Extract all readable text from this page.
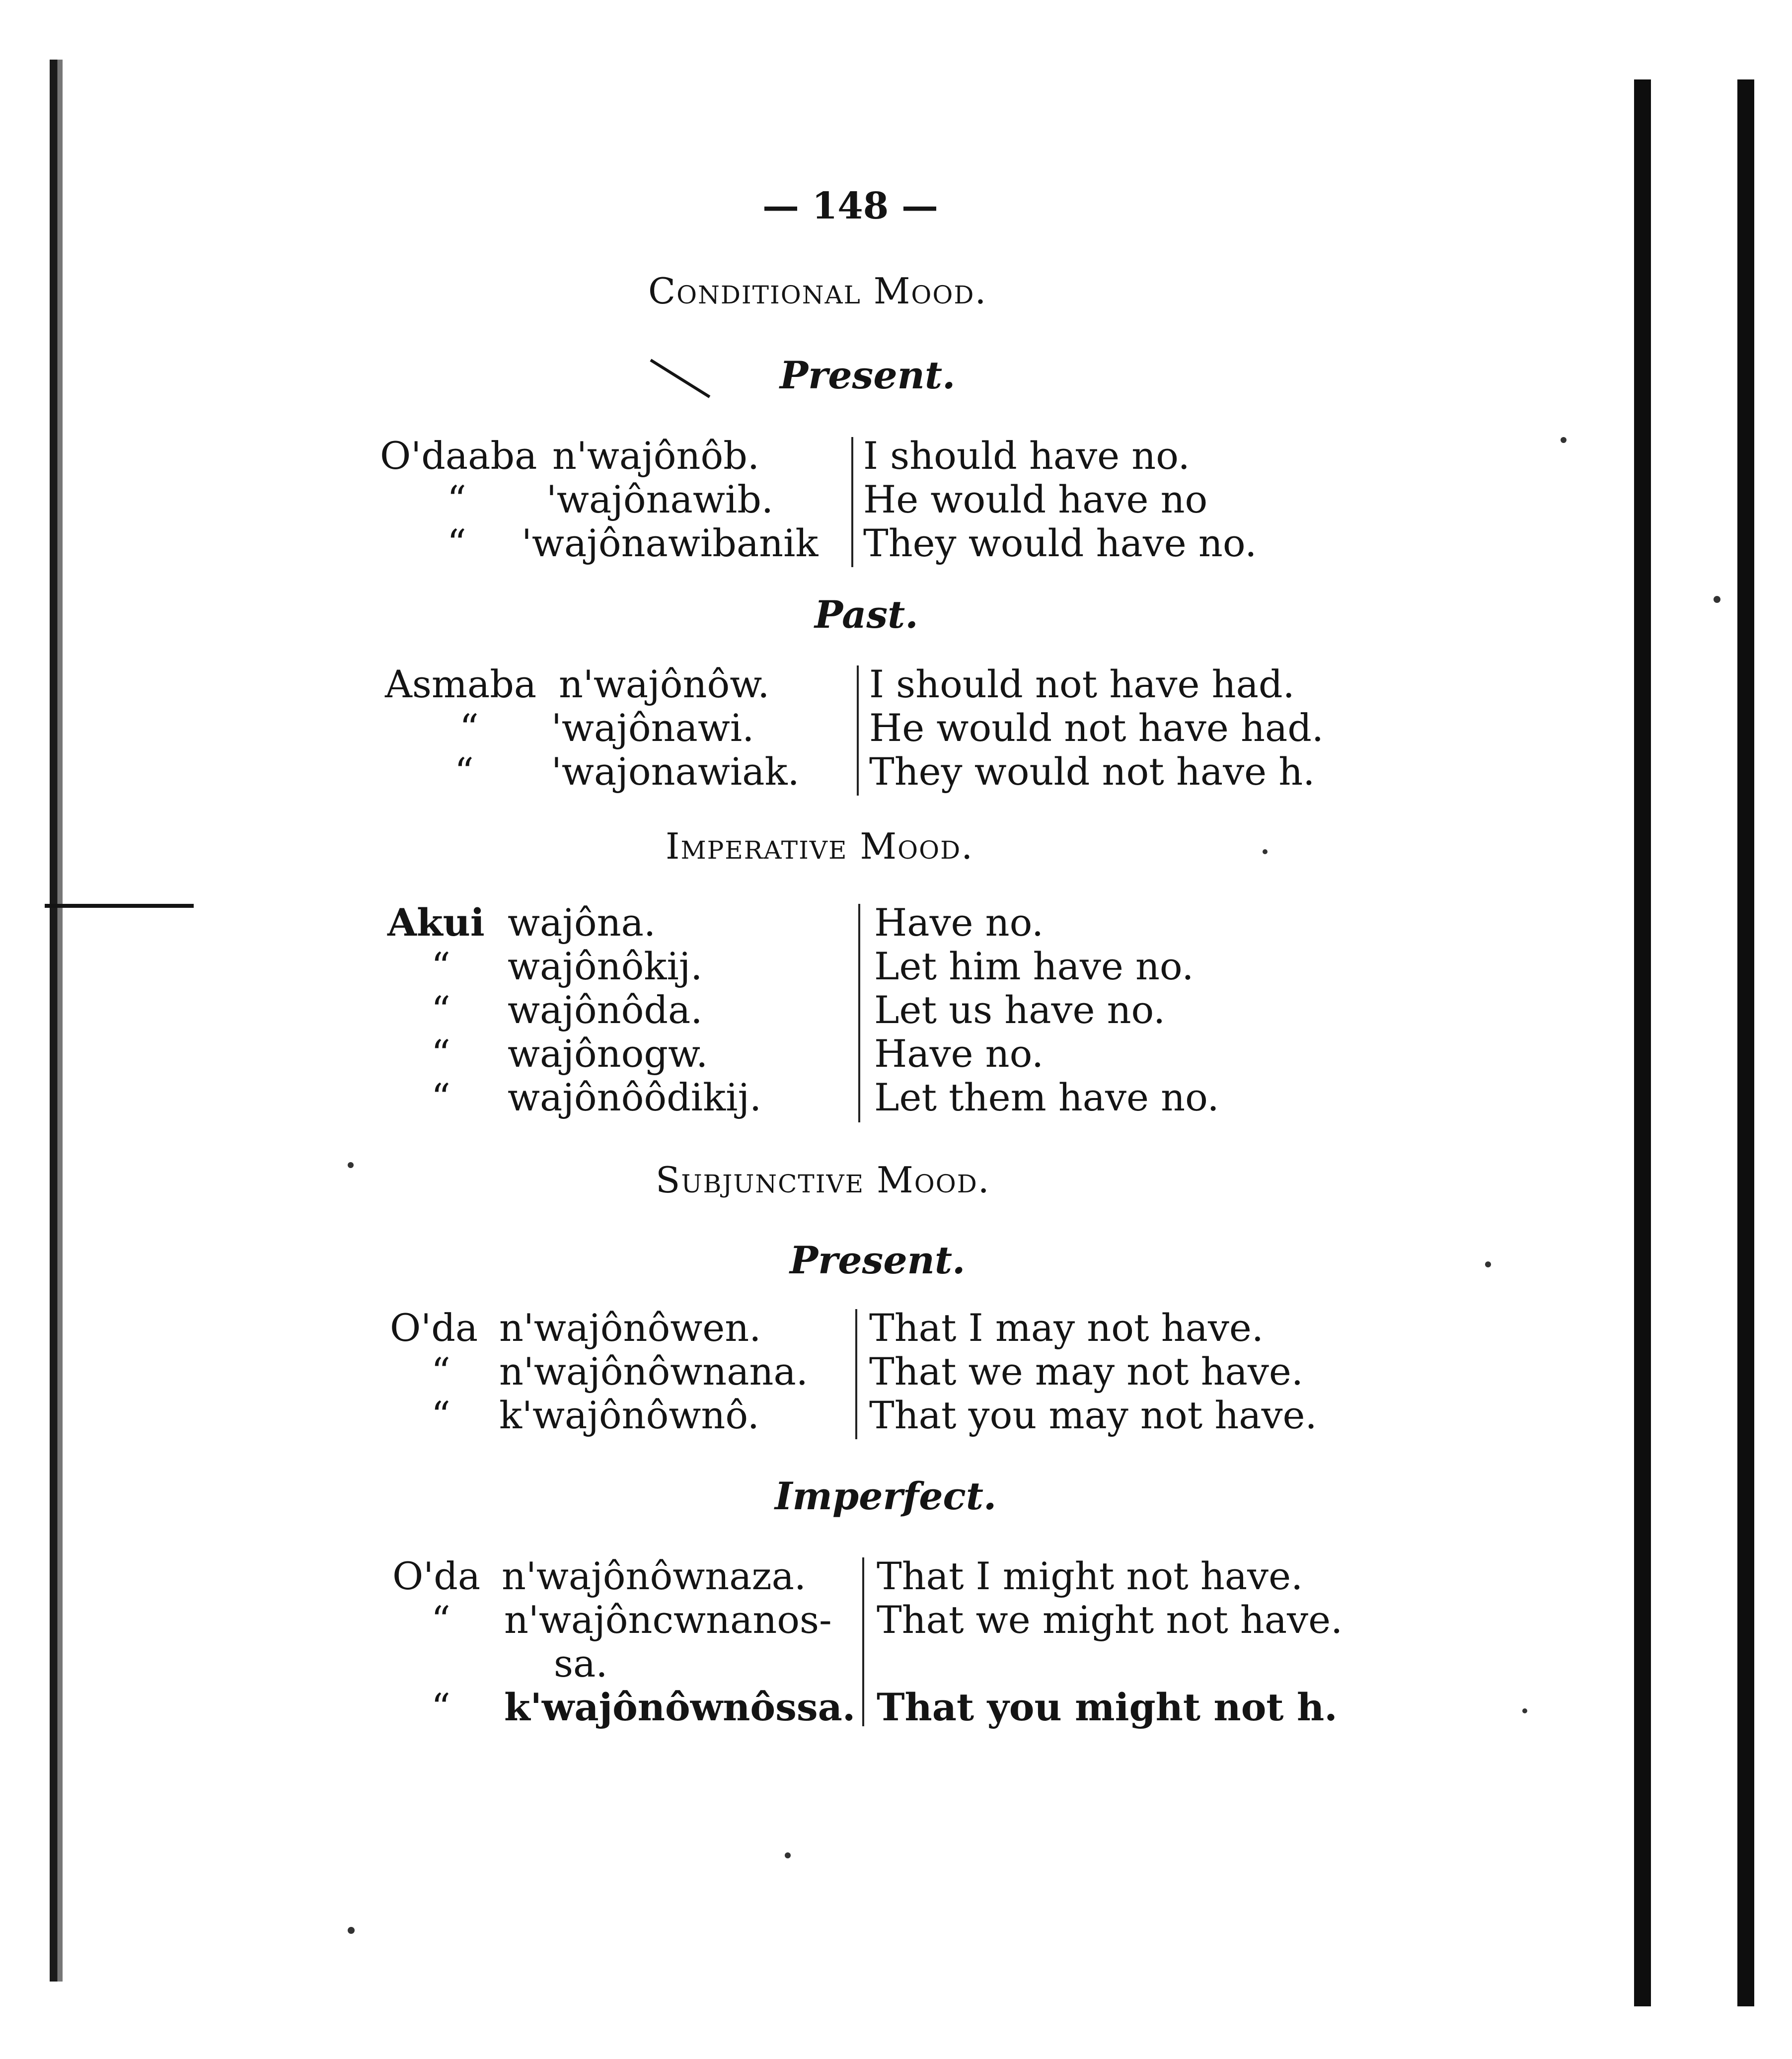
— 148 —
Conditional Mood.
Present.
O'daaba n'wajônôb.	I should have no.
“ 'wajônawib. He would have no
“ 'wajônawibanik They would have no.
Past.
Asmaba n'wajônôw.	I should not have had.
“ 'wajônawi.	He would not have had.
“ 'wajonawiak. They would not have h.
Imperative Mood.
Akui wajôna.	Have no.
“ wajônôkij.	Let him have no.
“ wajônôda.	Let us have no.
“ wajônogw.	Have no.
“ wajônôôdikij.	Let them have no.
Subjunctive Mood.
Present.
O'da n'wajônôwen.	That I may not have.
“ n'wajônôwnana. That we may not have.
“ k'wajônôwnô.	That you may not have.
Imperfect.
O'da n'wajônôwnaza. That I might not have.
“ n'wajôncwnanos- That we might not have.
sa.
“ k'wajônôwnôssa. That you might not h.
